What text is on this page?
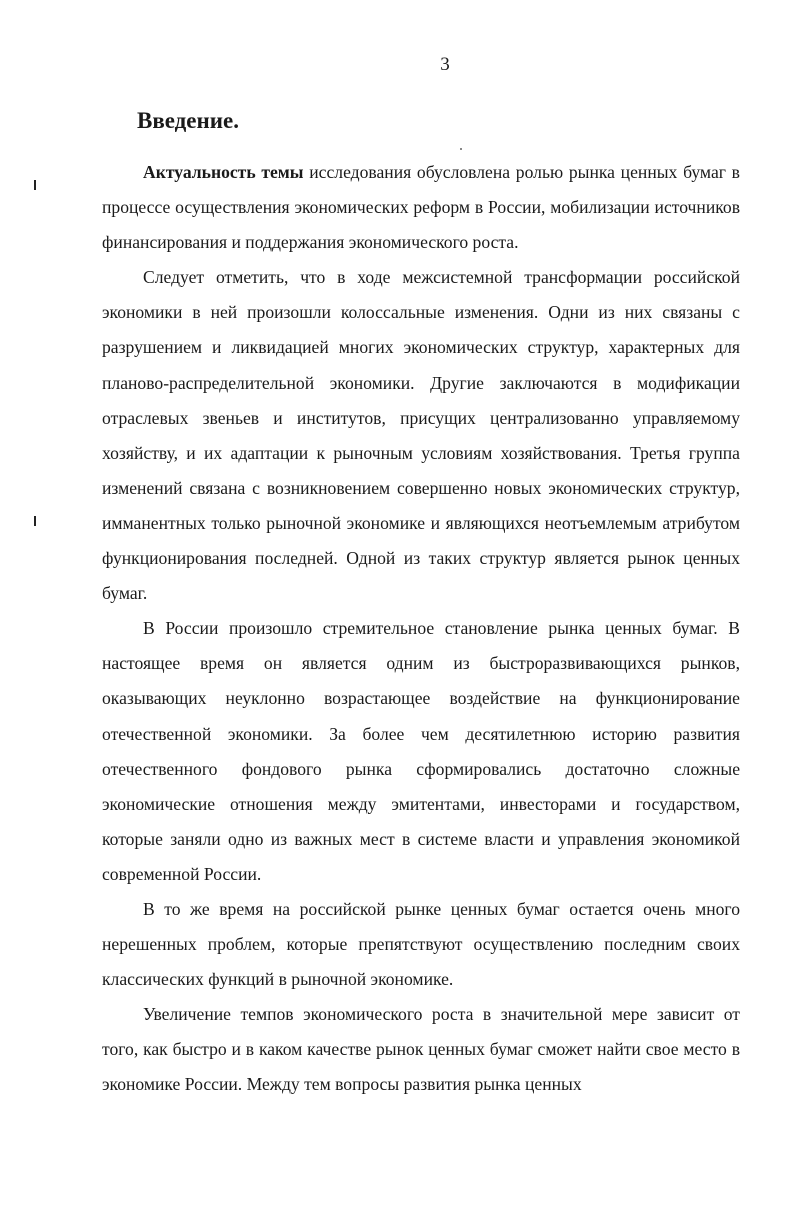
3
Введение.

Актуальность темы исследования обусловлена ролью рынка ценных бумаг в процессе осуществления экономических реформ в России, мобилизации источников финансирования и поддержания экономического роста.

Следует отметить, что в ходе межсистемной трансформации российской экономики в ней произошли колоссальные изменения. Одни из них связаны с разрушением и ликвидацией многих экономических структур, характерных для планово-распределительной экономики. Другие заключаются в модификации отраслевых звеньев и институтов, присущих централизованно управляемому хозяйству, и их адаптации к рыночным условиям хозяйствования. Третья группа изменений связана с возникновением совершенно новых экономических структур, имманентных только рыночной экономике и являющихся неотъемлемым атрибутом функционирования последней. Одной из таких структур является рынок ценных бумаг.

В России произошло стремительное становление рынка ценных бумаг. В настоящее время он является одним из быстроразвивающихся рынков, оказывающих неуклонно возрастающее воздействие на функционирование отечественной экономики. За более чем десятилетнюю историю развития отечественного фондового рынка сформировались достаточно сложные экономические отношения между эмитентами, инвесторами и государством, которые заняли одно из важных мест в системе власти и управления экономикой современной России.

В то же время на российской рынке ценных бумаг остается очень много нерешенных проблем, которые препятствуют осуществлению последним своих классических функций в рыночной экономике.

Увеличение темпов экономического роста в значительной мере зависит от того, как быстро и в каком качестве рынок ценных бумаг сможет найти свое место в экономике России. Между тем вопросы развития рынка ценных
